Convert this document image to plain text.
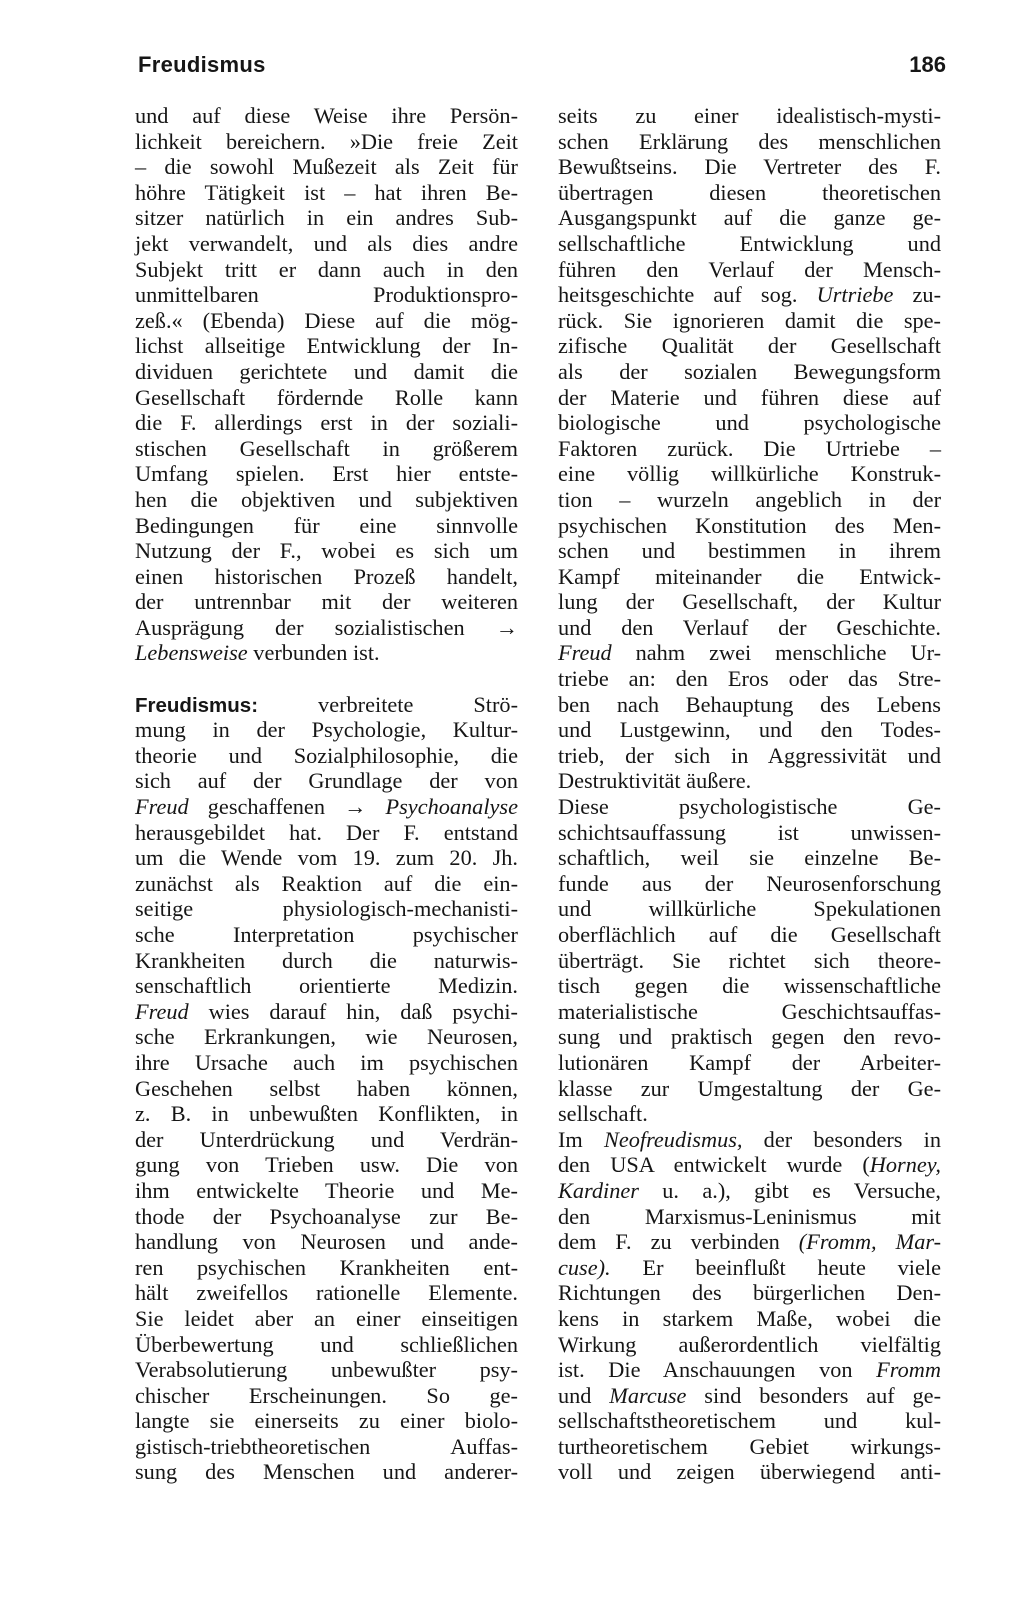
Freudismus	186
und auf diese Weise ihre Persön-
lichkeit bereichern. »Die freie Zeit
– die sowohl Mußezeit als Zeit für
höhre Tätigkeit ist – hat ihren Be-
sitzer natürlich in ein andres Sub-
jekt verwandelt, und als dies andre
Subjekt tritt er dann auch in den
unmittelbaren Produktionspro-
zeß.« (Ebenda) Diese auf die mög-
lichst allseitige Entwicklung der In-
dividuen gerichtete und damit die
Gesellschaft fördernde Rolle kann
die F. allerdings erst in der soziali-
stischen Gesellschaft in größerem
Umfang spielen. Erst hier entste-
hen die objektiven und subjektiven
Bedingungen für eine sinnvolle
Nutzung der F., wobei es sich um
einen historischen Prozeß handelt,
der untrennbar mit der weiteren
Ausprägung der sozialistischen →
Lebensweise verbunden ist.
Freudismus: verbreitete Strö-
mung in der Psychologie, Kultur-
theorie und Sozialphilosophie, die
sich auf der Grundlage der von
Freud geschaffenen → Psychoanalyse
herausgebildet hat. Der F. entstand
um die Wende vom 19. zum 20. Jh.
zunächst als Reaktion auf die ein-
seitige physiologisch-mechanisti-
sche Interpretation psychischer
Krankheiten durch die naturwis-
senschaftlich orientierte Medizin.
Freud wies darauf hin, daß psychi-
sche Erkrankungen, wie Neurosen,
ihre Ursache auch im psychischen
Geschehen selbst haben können,
z. B. in unbewußten Konflikten, in
der Unterdrückung und Verdrän-
gung von Trieben usw. Die von
ihm entwickelte Theorie und Me-
thode der Psychoanalyse zur Be-
handlung von Neurosen und ande-
ren psychischen Krankheiten ent-
hält zweifellos rationelle Elemente.
Sie leidet aber an einer einseitigen
Überbewertung und schließlichen
Verabsolutierung unbewußter psy-
chischer Erscheinungen. So ge-
langte sie einerseits zu einer biolo-
gistisch-triebtheoretischen Auffas-
sung des Menschen und anderer-
seits zu einer idealistisch-mysti-
schen Erklärung des menschlichen
Bewußtseins. Die Vertreter des F.
übertragen diesen theoretischen
Ausgangspunkt auf die ganze ge-
sellschaftliche Entwicklung und
führen den Verlauf der Mensch-
heitsgeschichte auf sog. Urtriebe zu-
rück. Sie ignorieren damit die spe-
zifische Qualität der Gesellschaft
als der sozialen Bewegungsform
der Materie und führen diese auf
biologische und psychologische
Faktoren zurück. Die Urtriebe –
eine völlig willkürliche Konstruk-
tion – wurzeln angeblich in der
psychischen Konstitution des Men-
schen und bestimmen in ihrem
Kampf miteinander die Entwick-
lung der Gesellschaft, der Kultur
und den Verlauf der Geschichte.
Freud nahm zwei menschliche Ur-
triebe an: den Eros oder das Stre-
ben nach Behauptung des Lebens
und Lustgewinn, und den Todes-
trieb, der sich in Aggressivität und
Destruktivität äußere.
Diese psychologistische Ge-
schichtsauffassung ist unwissen-
schaftlich, weil sie einzelne Be-
funde aus der Neurosenforschung
und willkürliche Spekulationen
oberflächlich auf die Gesellschaft
überträgt. Sie richtet sich theore-
tisch gegen die wissenschaftliche
materialistische Geschichtsauffas-
sung und praktisch gegen den revo-
lutionären Kampf der Arbeiter-
klasse zur Umgestaltung der Ge-
sellschaft.
Im Neofreudismus, der besonders in
den USA entwickelt wurde (Horney,
Kardiner u. a.), gibt es Versuche,
den Marxismus-Leninismus mit
dem F. zu verbinden (Fromm, Mar-
cuse). Er beeinflußt heute viele
Richtungen des bürgerlichen Den-
kens in starkem Maße, wobei die
Wirkung außerordentlich vielfältig
ist. Die Anschauungen von Fromm
und Marcuse sind besonders auf ge-
sellschaftstheoretischem und kul-
turtheoretischem Gebiet wirkungs-
voll und zeigen überwiegend anti-
